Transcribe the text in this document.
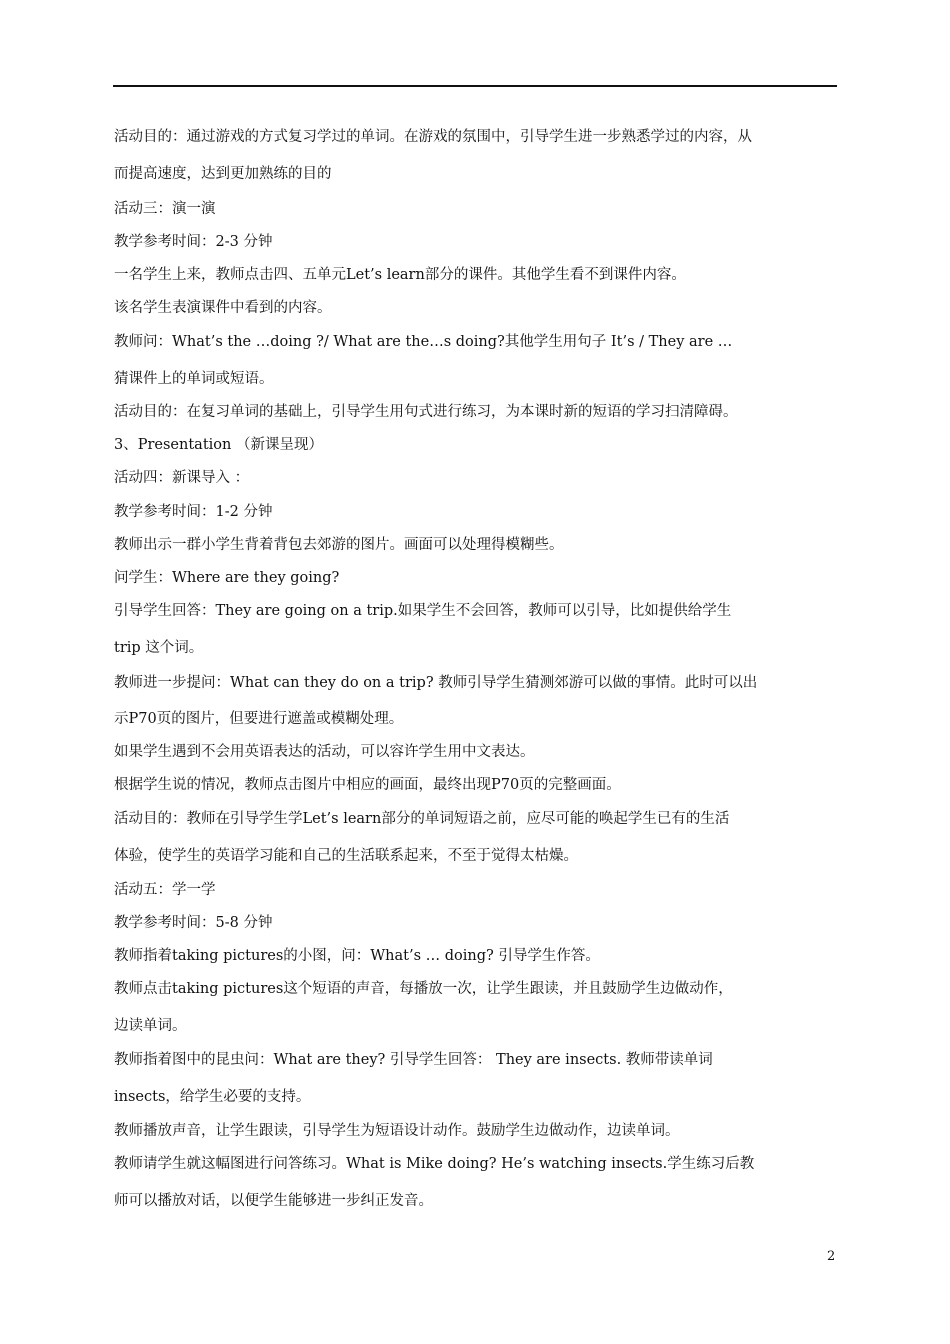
活动目的：通过游戏的方式复习学过的单词。在游戏的氛围中，引导学生进一步熟悉学过的内容，从
而提高速度，达到更加熟练的目的
活动三：演一演
教学参考时间：2-3 分钟
一名学生上来，教师点击四、五单元Let’s learn部分的课件。其他学生看不到课件内容。
该名学生表演课件中看到的内容。
教师问：What’s the …doing ?/ What are the…s doing?其他学生用句子 It’s / They are …
猜课件上的单词或短语。
活动目的：在复习单词的基础上，引导学生用句式进行练习，为本课时新的短语的学习扫清障碍。
3、Presentation （新课呈现）
活动四：新课导入 ：
教学参考时间：1-2 分钟
教师出示一群小学生背着背包去郊游的图片。画面可以处理得模糊些。
问学生：Where are they going?
引导学生回答：They are going on a trip.如果学生不会回答，教师可以引导，比如提供给学生
trip 这个词。
教师进一步提问：What can they do on a trip? 教师引导学生猜测郊游可以做的事情。此时可以出
示P70页的图片，但要进行遮盖或模糊处理。
如果学生遇到不会用英语表达的活动，可以容许学生用中文表达。
根据学生说的情况，教师点击图片中相应的画面，最终出现P70页的完整画面。
活动目的：教师在引导学生学Let’s learn部分的单词短语之前，应尽可能的唤起学生已有的生活
体验，使学生的英语学习能和自己的生活联系起来，不至于觉得太枯燥。
活动五：学一学
教学参考时间：5-8 分钟
教师指着taking pictures的小图，问：What’s … doing? 引导学生作答。
教师点击taking pictures这个短语的声音，每播放一次，让学生跟读，并且鼓励学生边做动作，
边读单词。
教师指着图中的昆虫问：What are they? 引导学生回答： They are insects. 教师带读单词
insects，给学生必要的支持。
教师播放声音，让学生跟读，引导学生为短语设计动作。鼓励学生边做动作，边读单词。
教师请学生就这幅图进行问答练习。What is Mike doing? He’s watching insects.学生练习后教
师可以播放对话，以便学生能够进一步纠正发音。
2
